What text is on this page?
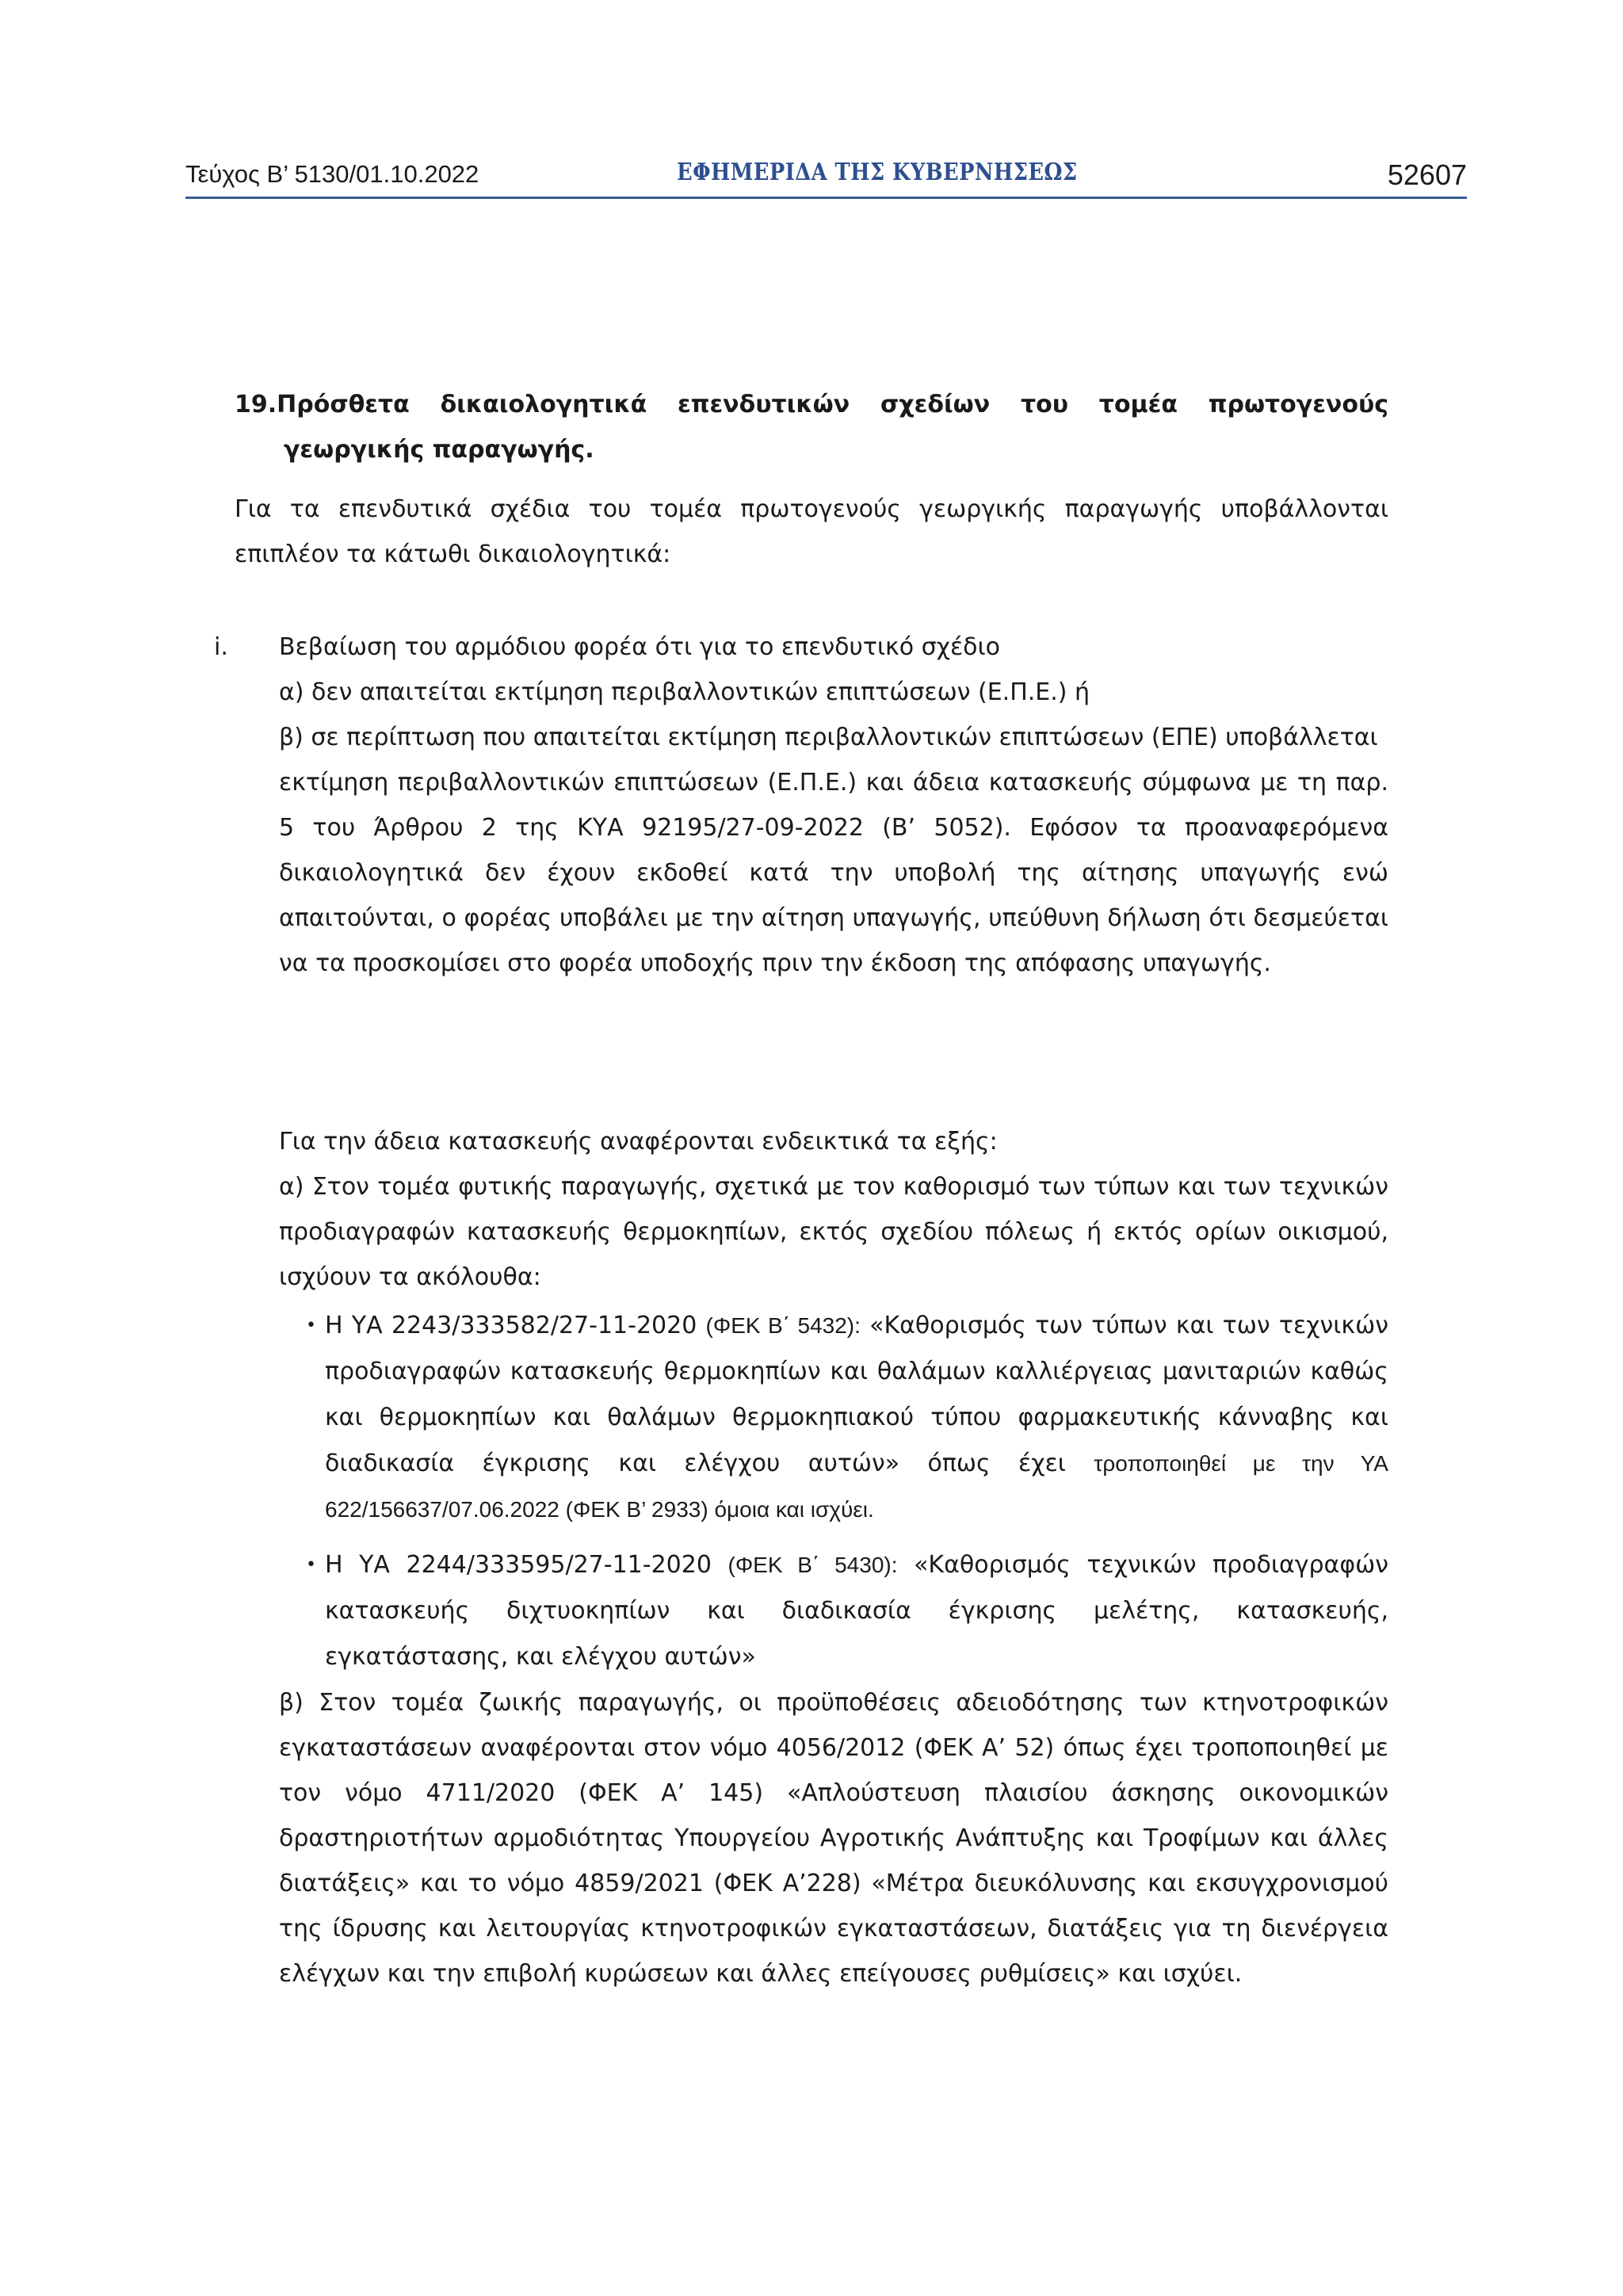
Τεύχος Β’ 5130/01.10.2022	ΕΦΗΜΕΡΙΔΑ ΤΗΣ ΚΥΒΕΡΝΗΣΕΩΣ	52607
19.Πρόσθετα δικαιολογητικά επενδυτικών σχεδίων του τομέα πρωτογενούς
γεωργικής παραγωγής.
Για τα επενδυτικά σχέδια του τομέα πρωτογενούς γεωργικής παραγωγής υποβάλλονται επιπλέον τα κάτωθι δικαιολογητικά:
i. Βεβαίωση του αρμόδιου φορέα ότι για το επενδυτικό σχέδιο
α) δεν απαιτείται εκτίμηση περιβαλλοντικών επιπτώσεων (Ε.Π.Ε.) ή
β) σε περίπτωση που απαιτείται εκτίμηση περιβαλλοντικών επιπτώσεων (ΕΠΕ) υποβάλλεται
εκτίμηση περιβαλλοντικών επιπτώσεων (Ε.Π.Ε.) και άδεια κατασκευής σύμφωνα με τη παρ. 5 του Άρθρου 2 της ΚΥΑ 92195/27-09-2022 (Β’ 5052). Εφόσον τα προαναφερόμενα δικαιολογητικά δεν έχουν εκδοθεί κατά την υποβολή της αίτησης υπαγωγής ενώ απαιτούνται, ο φορέας υποβάλει με την αίτηση υπαγωγής, υπεύθυνη δήλωση ότι δεσμεύεται να τα προσκομίσει στο φορέα υποδοχής πριν την έκδοση της απόφασης υπαγωγής.
Για την άδεια κατασκευής αναφέρονται ενδεικτικά τα εξής:
α) Στον τομέα φυτικής παραγωγής, σχετικά με τον καθορισμό των τύπων και των τεχνικών προδιαγραφών κατασκευής θερμοκηπίων, εκτός σχεδίου πόλεως ή εκτός ορίων οικισμού, ισχύουν τα ακόλουθα:
• Η ΥΑ 2243/333582/27-11-2020 (ΦΕΚ Β΄ 5432): «Καθορισμός των τύπων και των τεχνικών προδιαγραφών κατασκευής θερμοκηπίων και θαλάμων καλλιέργειας μανιταριών καθώς και θερμοκηπίων και θαλάμων θερμοκηπιακού τύπου φαρμακευτικής κάνναβης και διαδικασία έγκρισης και ελέγχου αυτών» όπως έχει τροποποιηθεί με την ΥΑ 622/156637/07.06.2022 (ΦΕΚ Β’ 2933) όμοια και ισχύει.
• Η ΥΑ 2244/333595/27-11-2020 (ΦΕΚ Β΄ 5430): «Καθορισμός τεχνικών προδιαγραφών κατασκευής διχτυοκηπίων και διαδικασία έγκρισης μελέτης, κατασκευής, εγκατάστασης, και ελέγχου αυτών»
β) Στον τομέα ζωικής παραγωγής, οι προϋποθέσεις αδειοδότησης των κτηνοτροφικών εγκαταστάσεων αναφέρονται στον νόμο 4056/2012 (ΦΕΚ Α’ 52) όπως έχει τροποποιηθεί με τον νόμο 4711/2020 (ΦΕΚ Α’ 145) «Απλούστευση πλαισίου άσκησης οικονομικών δραστηριοτήτων αρμοδιότητας Υπουργείου Αγροτικής Ανάπτυξης και Τροφίμων και άλλες διατάξεις» και το νόμο 4859/2021 (ΦΕΚ Α’228) «Μέτρα διευκόλυνσης και εκσυγχρονισμού της ίδρυσης και λειτουργίας κτηνοτροφικών εγκαταστάσεων, διατάξεις για τη διενέργεια ελέγχων και την επιβολή κυρώσεων και άλλες επείγουσες ρυθμίσεις» και ισχύει.
